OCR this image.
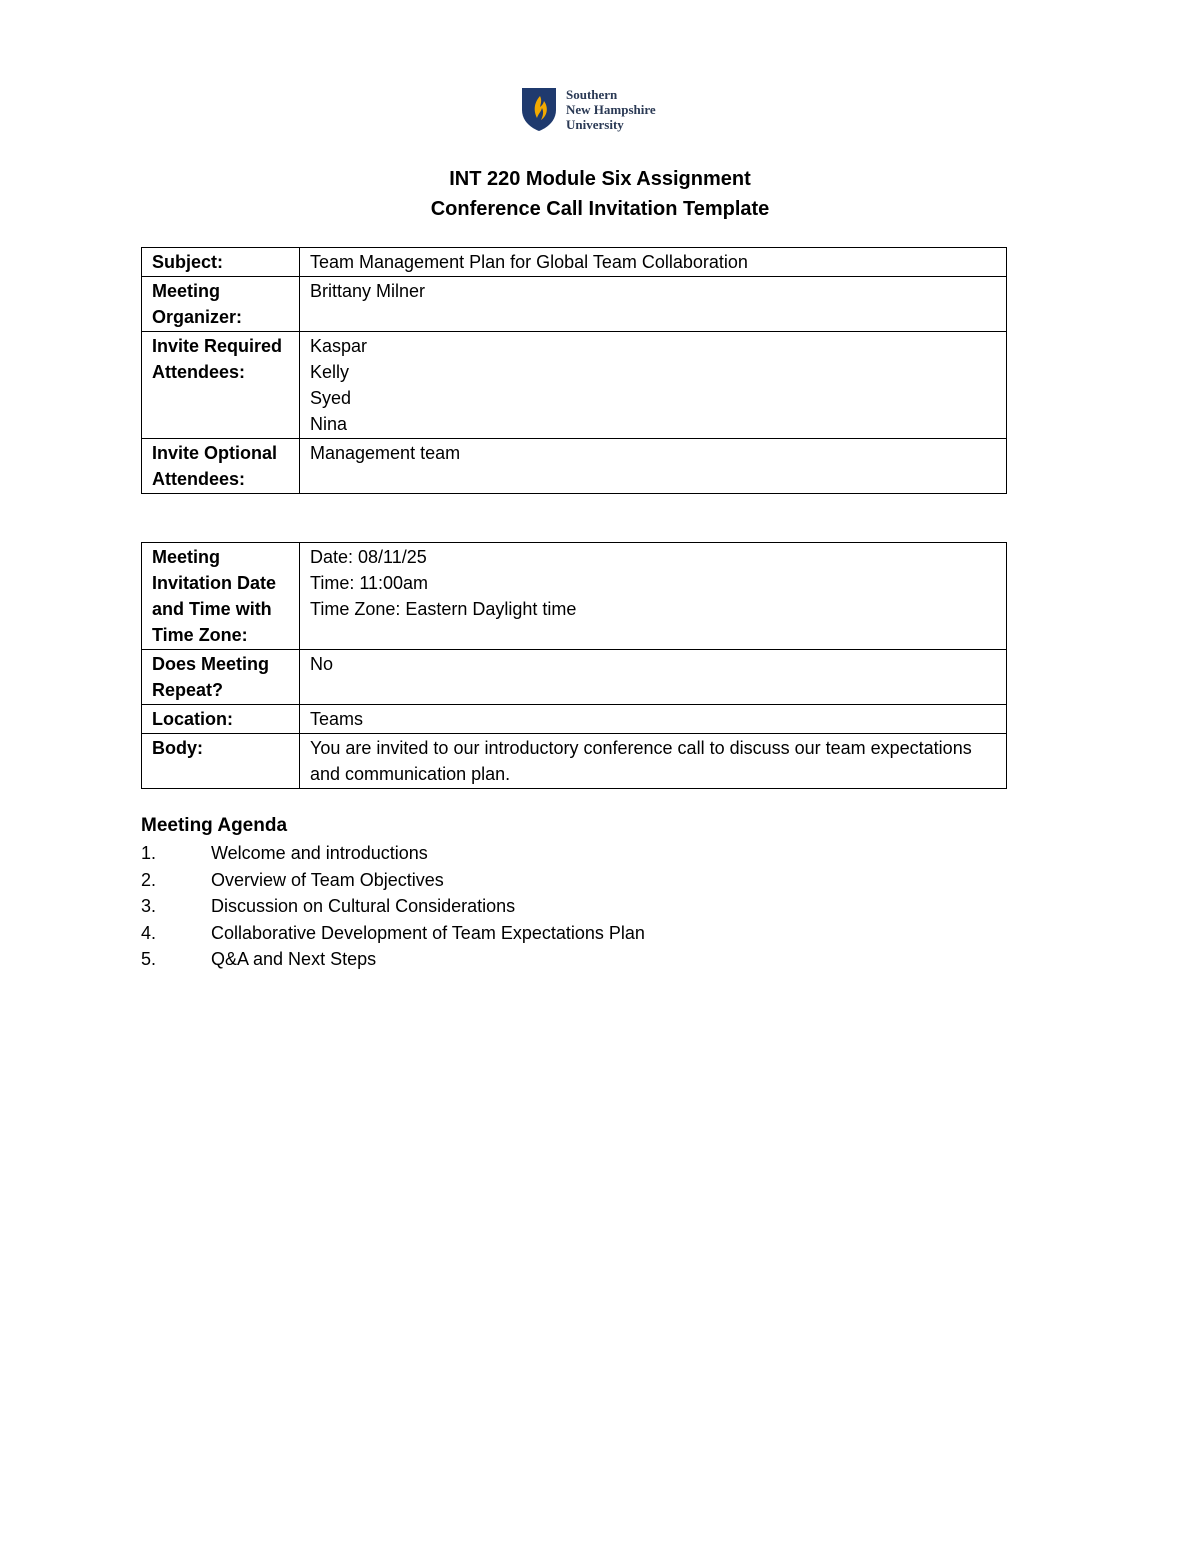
Southern
New Hampshire
University
INT 220 Module Six Assignment
Conference Call Invitation Template
Subject:	Team Management Plan for Global Team Collaboration
Meeting Organizer:	Brittany Milner
Invite Required Attendees:	Kaspar
Kelly
Syed
Nina

Invite Optional Attendees:	Management team
Meeting Invitation Date and Time with Time Zone:	Date: 08/11/25
Time: 11:00am
Time Zone: Eastern Daylight time

Does Meeting Repeat?	No
Location:	Teams
Body:	You are invited to our introductory conference call to discuss our team expectations and communication plan.
Meeting Agenda
1.	Welcome and introductions
2.	Overview of Team Objectives
3.	Discussion on Cultural Considerations
4.	Collaborative Development of Team Expectations Plan
5.	Q&A and Next Steps
